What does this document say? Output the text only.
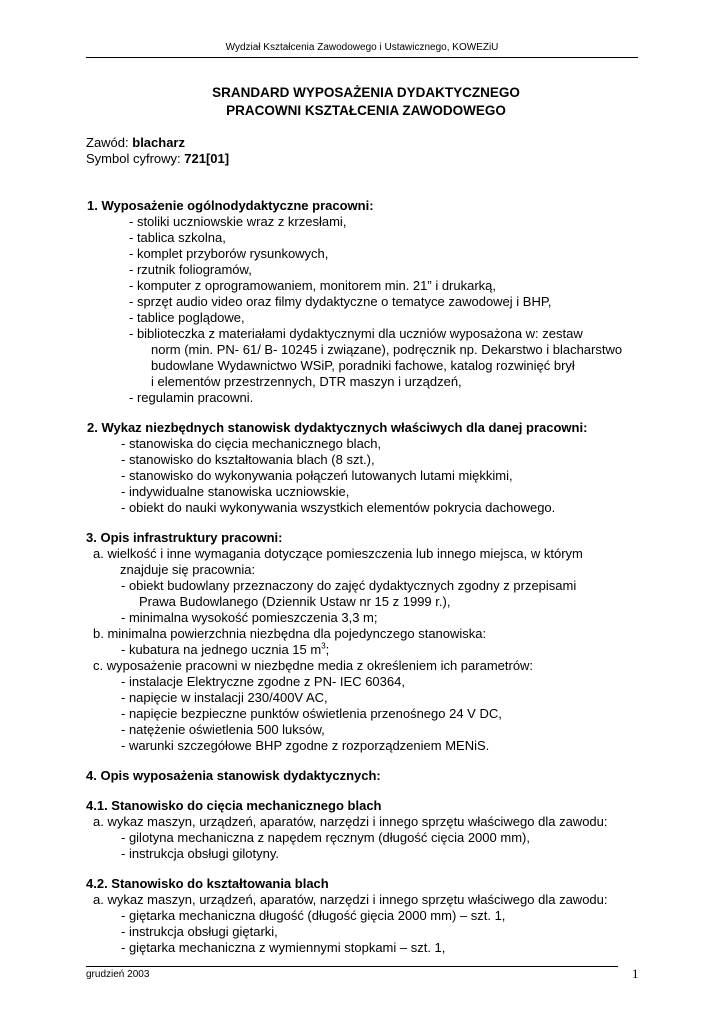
Wydział Kształcenia Zawodowego i Ustawicznego, KOWEZiU
SRANDARD WYPOSAŻENIA DYDAKTYCZNEGO
PRACOWNI KSZTAŁCENIA ZAWODOWEGO
Zawód: blacharz
Symbol cyfrowy: 721[01]
1. Wyposażenie ogólnodydaktyczne pracowni:
- stoliki uczniowskie wraz z krzesłami,
- tablica szkolna,
- komplet przyborów rysunkowych,
- rzutnik foliogramów,
- komputer z oprogramowaniem, monitorem min. 21” i drukarką,
- sprzęt audio video oraz filmy dydaktyczne o tematyce zawodowej i BHP,
- tablice poglądowe,
- biblioteczka z materiałami dydaktycznymi dla uczniów wyposażona w: zestaw
norm (min. PN- 61/ B- 10245 i związane), podręcznik np. Dekarstwo i blacharstwo
budowlane Wydawnictwo WSiP, poradniki fachowe, katalog rozwinięć brył
i elementów przestrzennych, DTR maszyn i urządzeń,
- regulamin pracowni.
2. Wykaz niezbędnych stanowisk dydaktycznych właściwych dla danej pracowni:
- stanowiska do cięcia mechanicznego blach,
- stanowisko do kształtowania blach (8 szt.),
- stanowisko do wykonywania połączeń lutowanych lutami miękkimi,
- indywidualne stanowiska uczniowskie,
- obiekt do nauki wykonywania wszystkich elementów pokrycia dachowego.
3. Opis infrastruktury pracowni:
a. wielkość i inne wymagania dotyczące pomieszczenia lub innego miejsca, w którym
znajduje się pracownia:
- obiekt budowlany przeznaczony do zajęć dydaktycznych zgodny z przepisami
Prawa Budowlanego (Dziennik Ustaw nr 15 z 1999 r.),
- minimalna wysokość pomieszczenia 3,3 m;
b. minimalna powierzchnia niezbędna dla pojedynczego stanowiska:
- kubatura na jednego ucznia 15 $m^3$;
c. wyposażenie pracowni w niezbędne media z określeniem ich parametrów:
- instalacje Elektryczne zgodne z PN- IEC 60364,
- napięcie w instalacji 230/400V AC,
- napięcie bezpieczne punktów oświetlenia przenośnego 24 V DC,
- natężenie oświetlenia 500 luksów,
- warunki szczegółowe BHP zgodne z rozporządzeniem MENiS.
4. Opis wyposażenia stanowisk dydaktycznych:
4.1. Stanowisko do cięcia mechanicznego blach
a. wykaz maszyn, urządzeń, aparatów, narzędzi i innego sprzętu właściwego dla zawodu:
- gilotyna mechaniczna z napędem ręcznym (długość cięcia 2000 mm),
- instrukcja obsługi gilotyny.
4.2. Stanowisko do kształtowania blach
a. wykaz maszyn, urządzeń, aparatów, narzędzi i innego sprzętu właściwego dla zawodu:
- giętarka mechaniczna długość (długość gięcia 2000 mm) – szt. 1,
- instrukcja obsługi giętarki,
- giętarka mechaniczna z wymiennymi stopkami – szt. 1,
grudzień 2003	1
